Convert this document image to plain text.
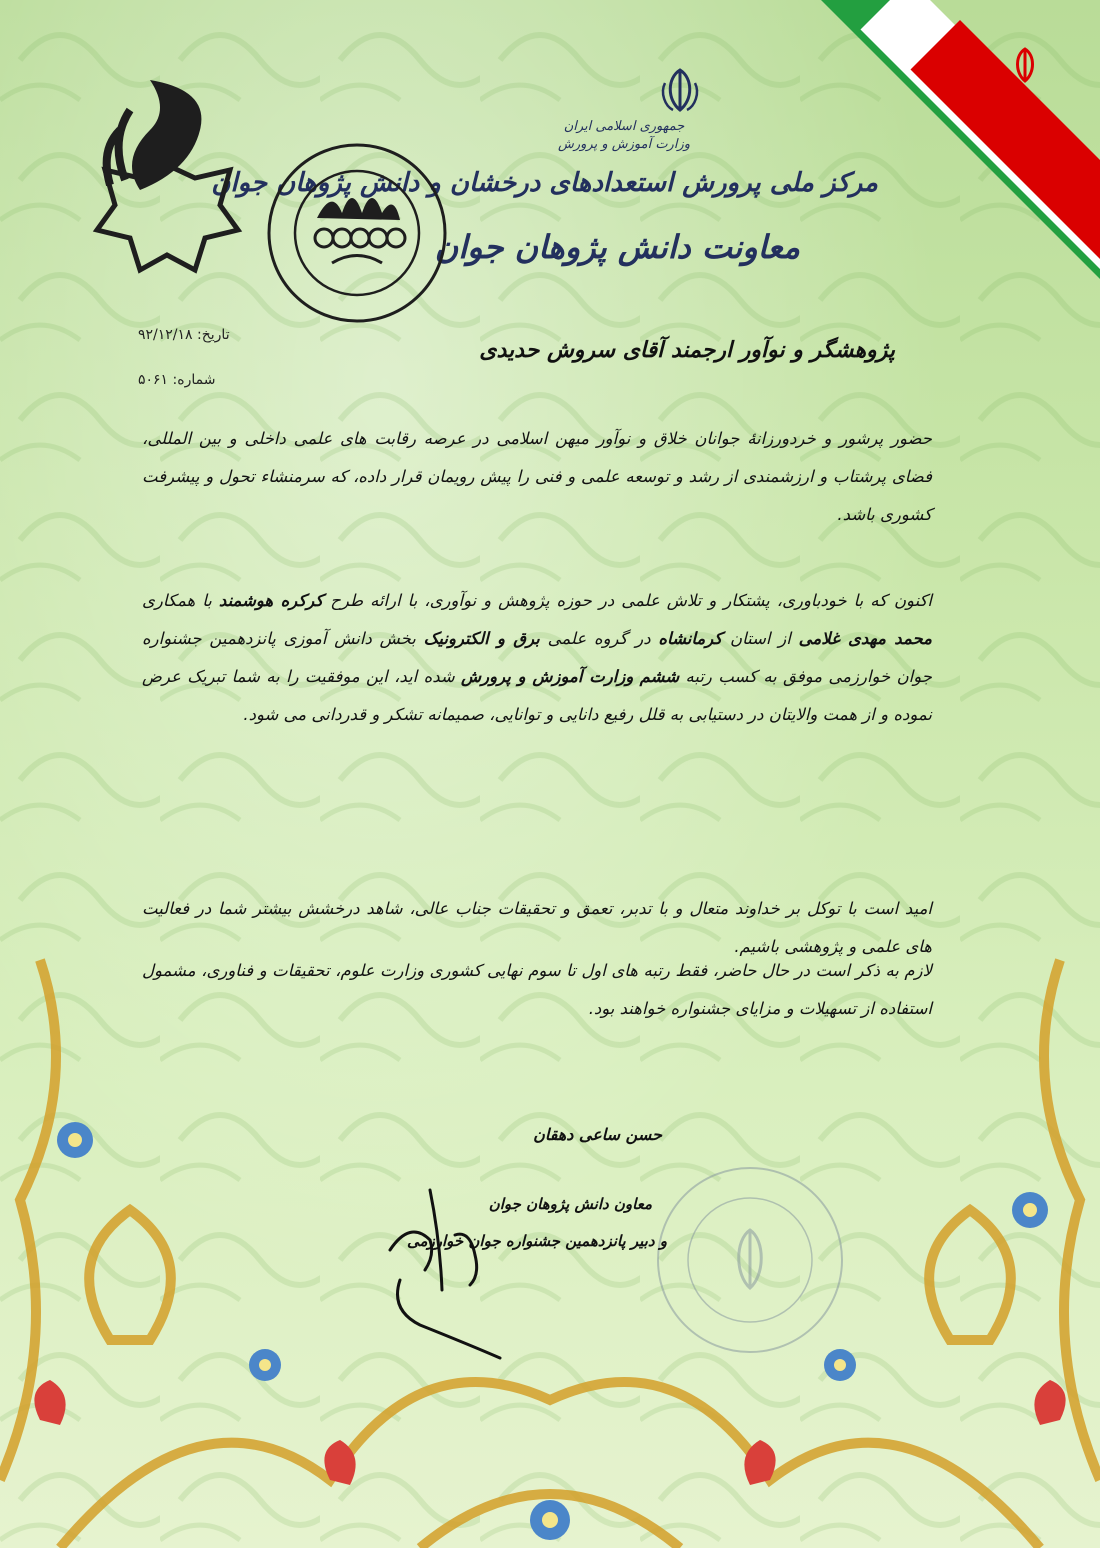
جمهوری اسلامی ایران
وزارت آموزش و پرورش
مرکز ملی پرورش استعدادهای درخشان و دانش پژوهان جوان
معاونت دانش پژوهان جوان
تاریخ: ۹۲/۱۲/۱۸
شماره: ۵۰۶۱
پژوهشگر و نوآور ارجمند آقای سروش حدیدی

حضور پرشور و خردورزانهٔ جوانان خلاق و نوآور میهن اسلامی در عرصه رقابت های علمی داخلی و بین المللی، فضای پرشتاب و ارزشمندی از رشد و توسعه علمی و فنی را پیش رویمان قرار داده، که سرمنشاء تحول و پیشرفت کشوری باشد.

اکنون که با خودباوری، پشتکار و تلاش علمی در حوزه پژوهش و نوآوری، با ارائه طرح کرکره هوشمند با همکاری محمد مهدی غلامی از استان کرمانشاه در گروه علمی برق و الکترونیک بخش دانش آموزی پانزدهمین جشنواره جوان خوارزمی موفق به کسب رتبه ششم وزارت آموزش و پرورش شده اید، این موفقیت را به شما تبریک عرض نموده و از همت والایتان در دستیابی به قلل رفیع دانایی و توانایی، صمیمانه تشکر و قدردانی می شود.

امید است با توکل بر خداوند متعال و با تدبر، تعمق و تحقیقات جناب عالی، شاهد درخشش بیشتر شما در فعالیت های علمی و پژوهشی باشیم.

لازم به ذکر است در حال حاضر، فقط رتبه های اول تا سوم نهایی کشوری وزارت علوم، تحقیقات و فناوری، مشمول استفاده از تسهیلات و مزایای جشنواره خواهند بود.

حسن ساعی دهقان
معاون دانش پژوهان جوان
و دبیر پانزدهمین جشنواره جوان خوارزمی
